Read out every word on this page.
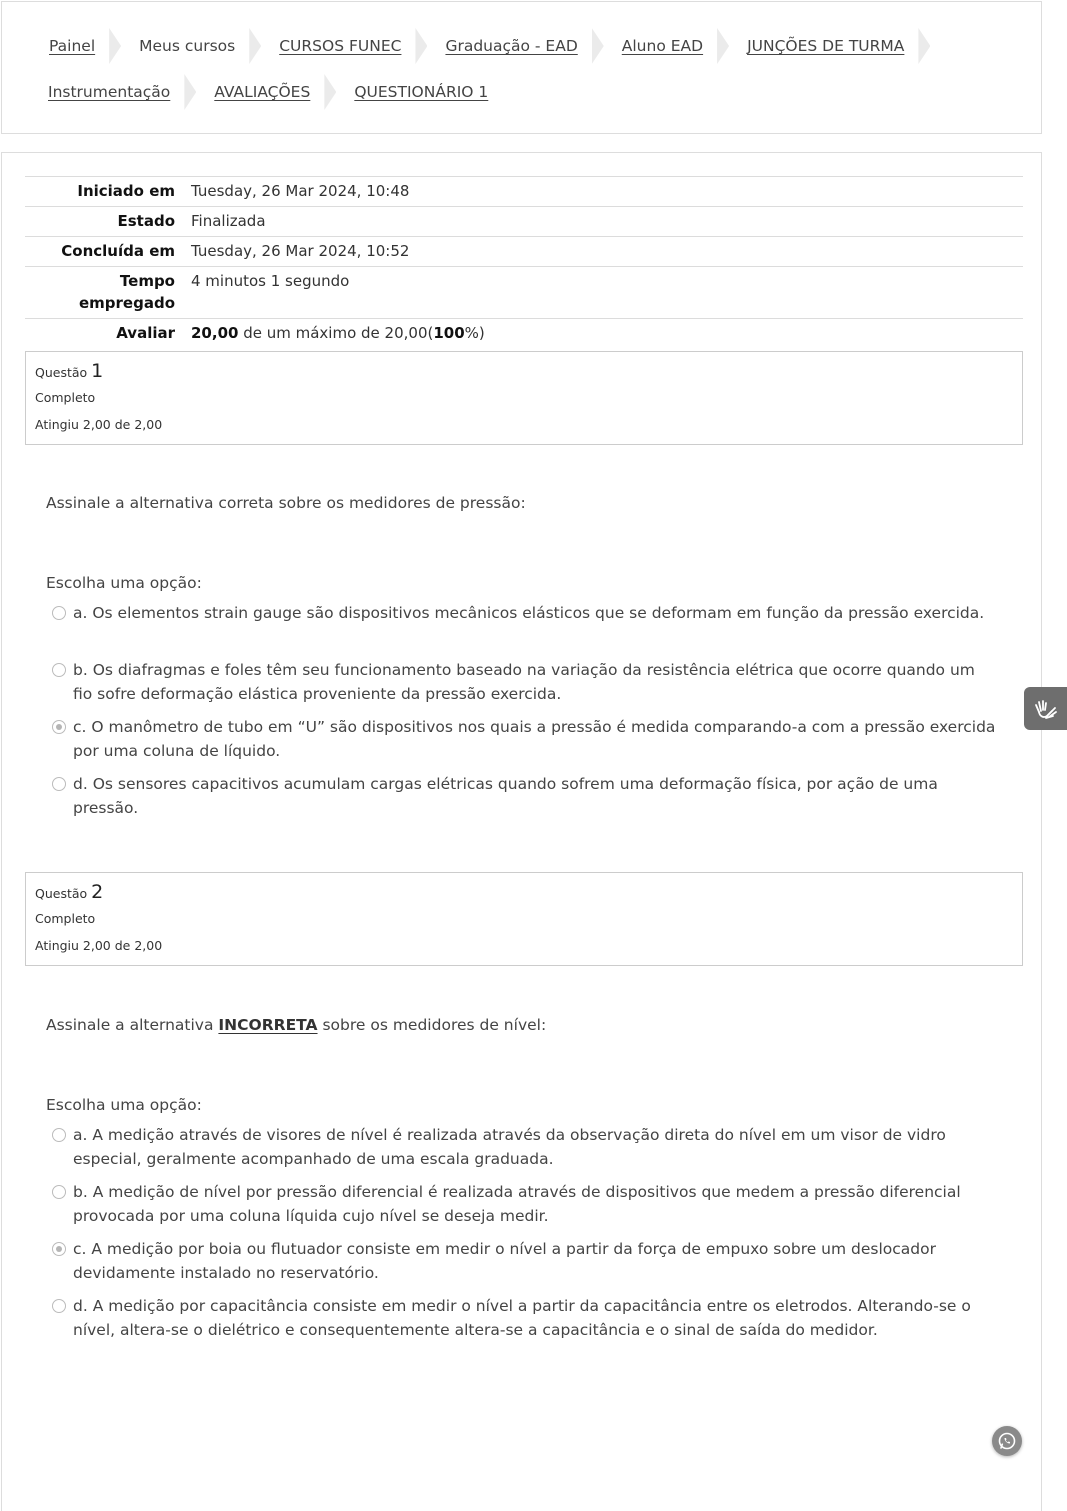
Painel	Meus cursos	CURSOS FUNEC	Graduação - EAD	Aluno EAD	JUNÇÕES DE TURMA
Instrumentação	AVALIAÇÕES	QUESTIONÁRIO 1
Iniciado em	Tuesday, 26 Mar 2024, 10:48
Estado	Finalizada
Concluída em	Tuesday, 26 Mar 2024, 10:52
Tempo
empregado	4 minutos 1 segundo
Avaliar	20,00 de um máximo de 20,00(100%)
Questão 1
Completo
Atingiu 2,00 de 2,00
Assinale a alternativa correta sobre os medidores de pressão:
Escolha uma opção:
a. Os elementos strain gauge são dispositivos mecânicos elásticos que se deformam em função da pressão exercida.
b. Os diafragmas e foles têm seu funcionamento baseado na variação da resistência elétrica que ocorre quando um fio sofre deformação elástica proveniente da pressão exercida.
c. O manômetro de tubo em “U” são dispositivos nos quais a pressão é medida comparando-a com a pressão exercida por uma coluna de líquido.
d. Os sensores capacitivos acumulam cargas elétricas quando sofrem uma deformação física, por ação de uma pressão.
Questão 2
Completo
Atingiu 2,00 de 2,00
Assinale a alternativa INCORRETA sobre os medidores de nível:
Escolha uma opção:
a. A medição através de visores de nível é realizada através da observação direta do nível em um visor de vidro especial, geralmente acompanhado de uma escala graduada.
b. A medição de nível por pressão diferencial é realizada através de dispositivos que medem a pressão diferencial provocada por uma coluna líquida cujo nível se deseja medir.
c. A medição por boia ou flutuador consiste em medir o nível a partir da força de empuxo sobre um deslocador devidamente instalado no reservatório.
d. A medição por capacitância consiste em medir o nível a partir da capacitância entre os eletrodos. Alterando-se o nível, altera-se o dielétrico e consequentemente altera-se a capacitância e o sinal de saída do medidor.
